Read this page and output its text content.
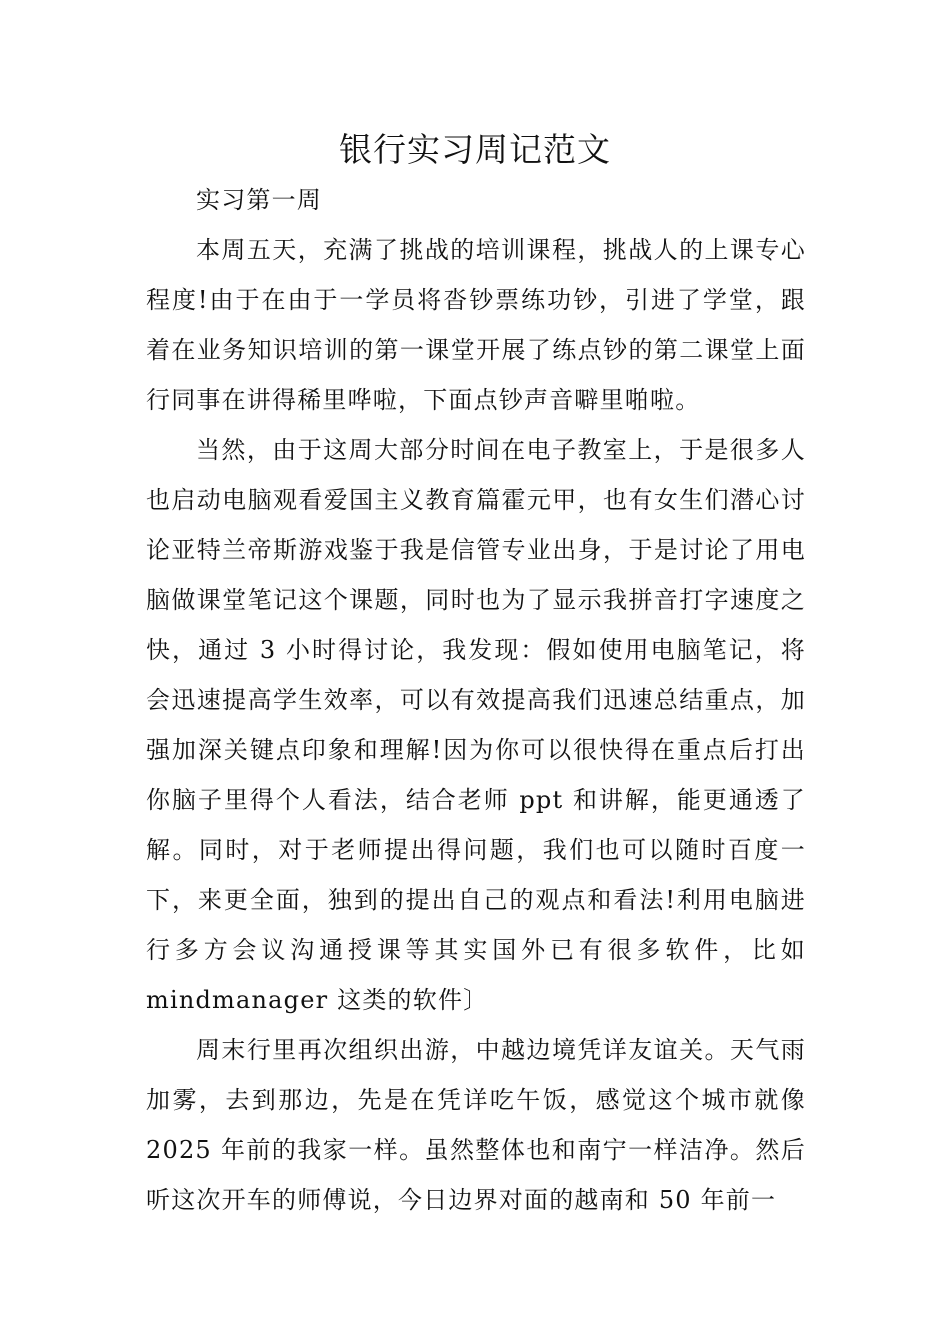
银行实习周记范文

实习第一周

本周五天，充满了挑战的培训课程，挑战人的上课专心程度!由于在由于一学员将沓钞票练功钞，引进了学堂，跟着在业务知识培训的第一课堂开展了练点钞的第二课堂上面行同事在讲得稀里哗啦，下面点钞声音噼里啪啦。

当然，由于这周大部分时间在电子教室上，于是很多人也启动电脑观看爱国主义教育篇霍元甲，也有女生们潜心讨论亚特兰帝斯游戏鉴于我是信管专业出身，于是讨论了用电脑做课堂笔记这个课题，同时也为了显示我拼音打字速度之快，通过 3 小时得讨论，我发现：假如使用电脑笔记，将会迅速提高学生效率，可以有效提高我们迅速总结重点，加强加深关键点印象和理解!因为你可以很快得在重点后打出你脑子里得个人看法，结合老师 ppt 和讲解，能更通透了解。同时，对于老师提出得问题，我们也可以随时百度一下，来更全面，独到的提出自己的观点和看法!利用电脑进行多方会议沟通授课等其实国外已有很多软件，比如 mindmanager 这类的软件〕

周末行里再次组织出游，中越边境凭详友谊关。天气雨加雾，去到那边，先是在凭详吃午饭，感觉这个城市就像 2025 年前的我家一样。虽然整体也和南宁一样洁净。然后听这次开车的师傅说，今日边界对面的越南和 50 年前一
